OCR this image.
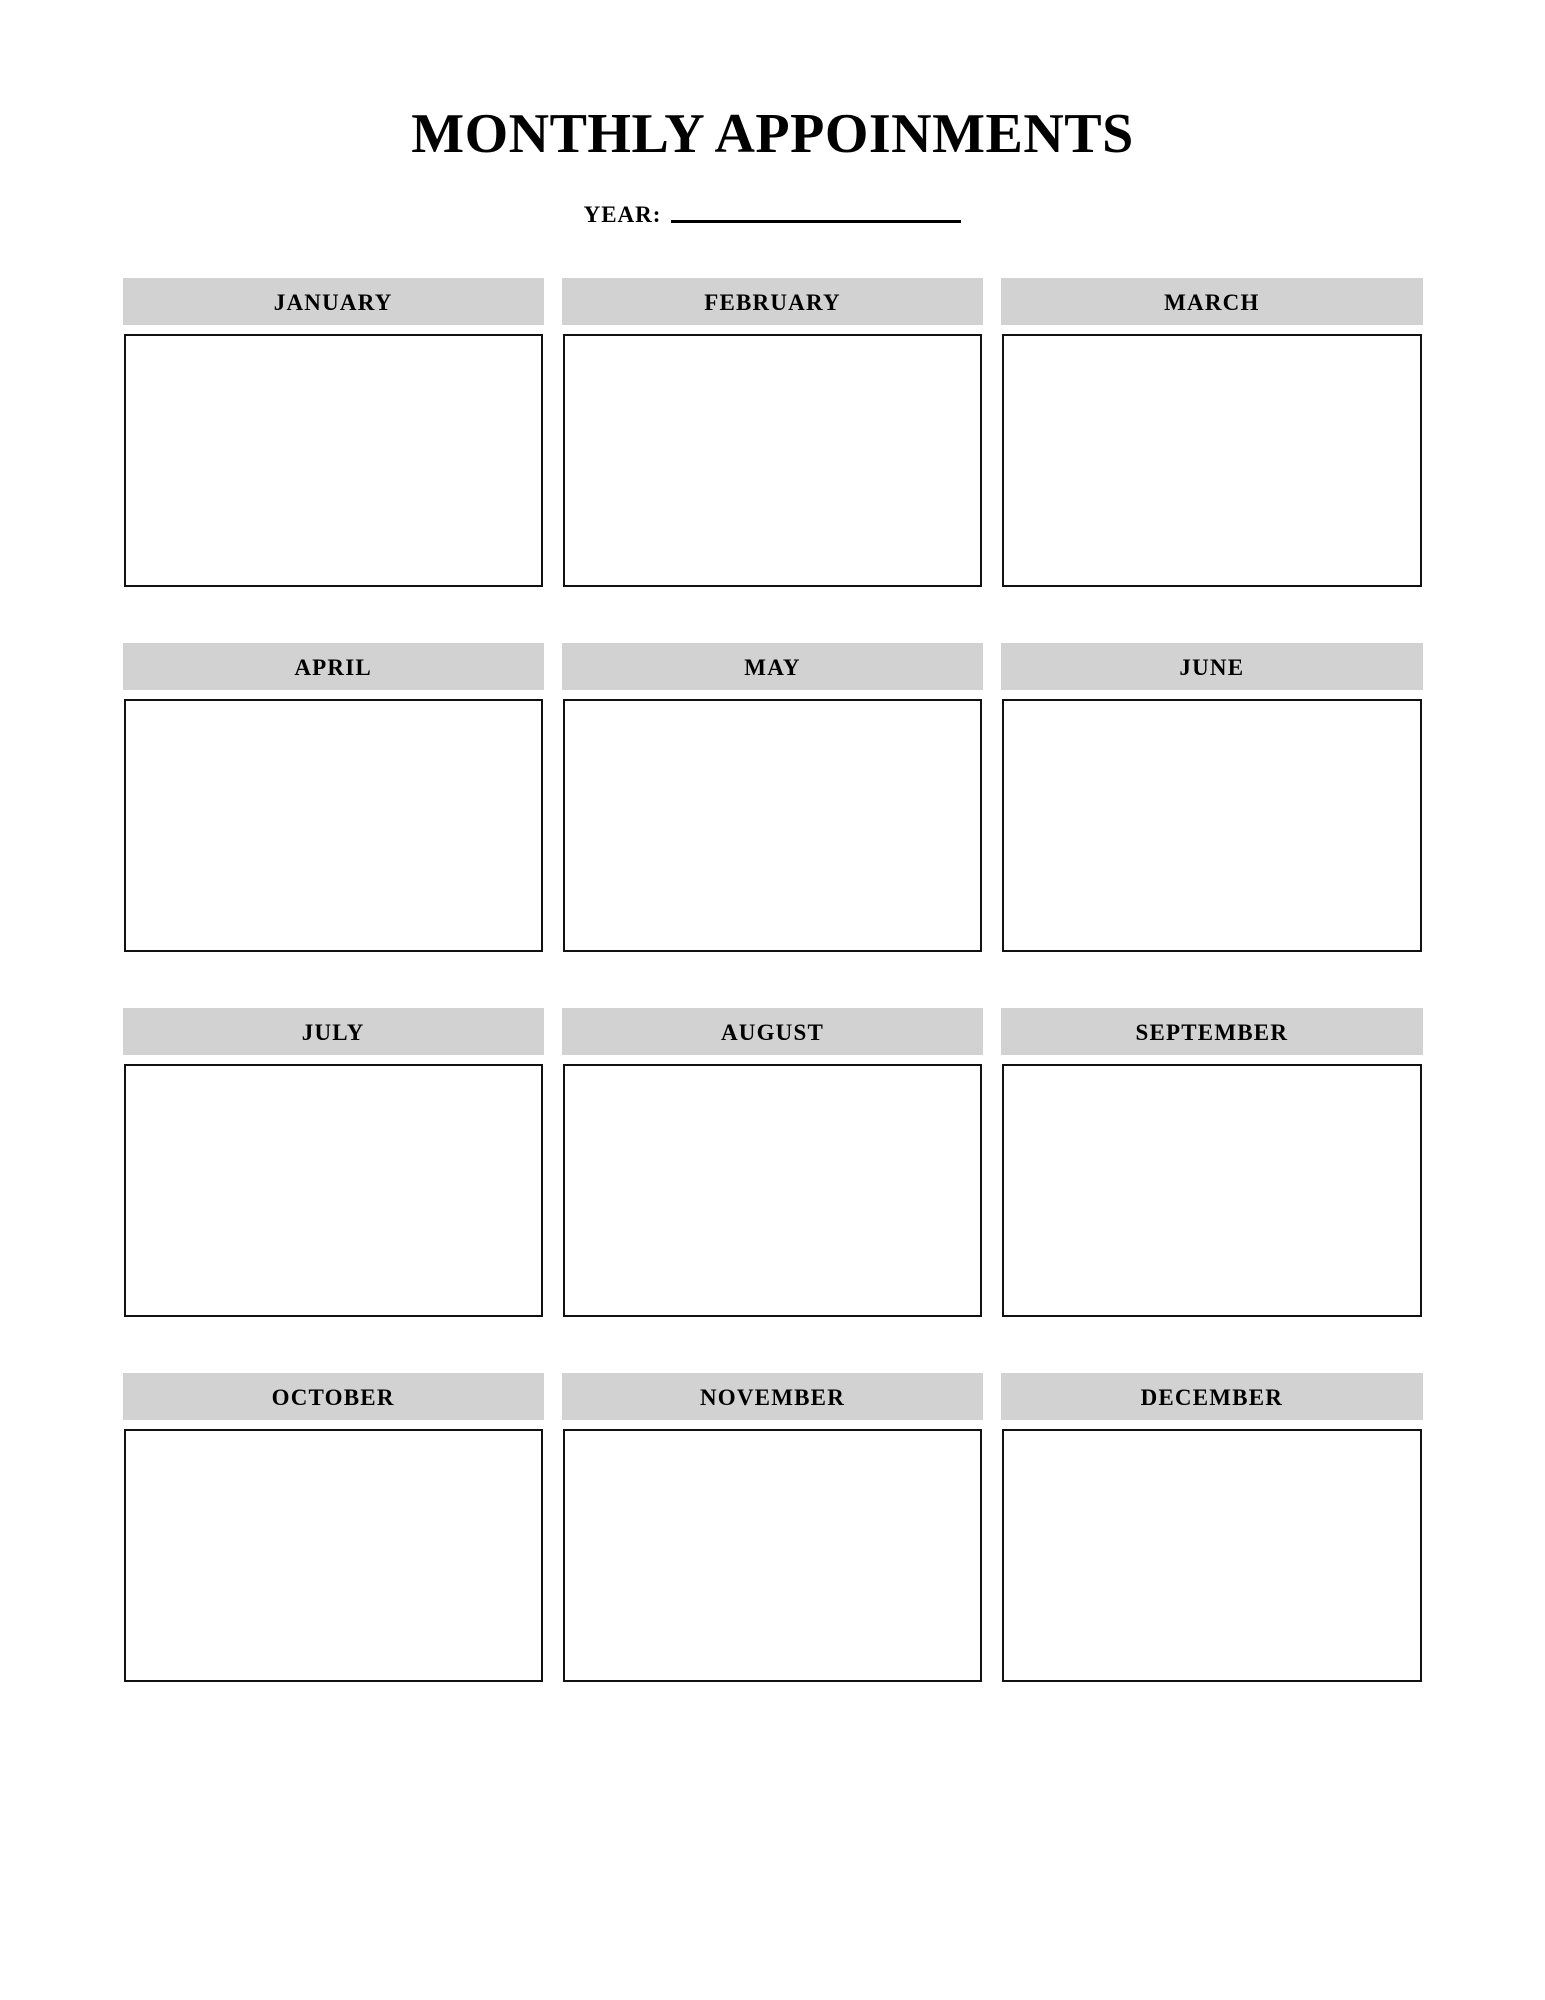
MONTHLY APPOINMENTS
YEAR:
JANUARY	FEBRUARY	MARCH
APRIL	MAY	JUNE
JULY	AUGUST	SEPTEMBER
OCTOBER	NOVEMBER	DECEMBER
